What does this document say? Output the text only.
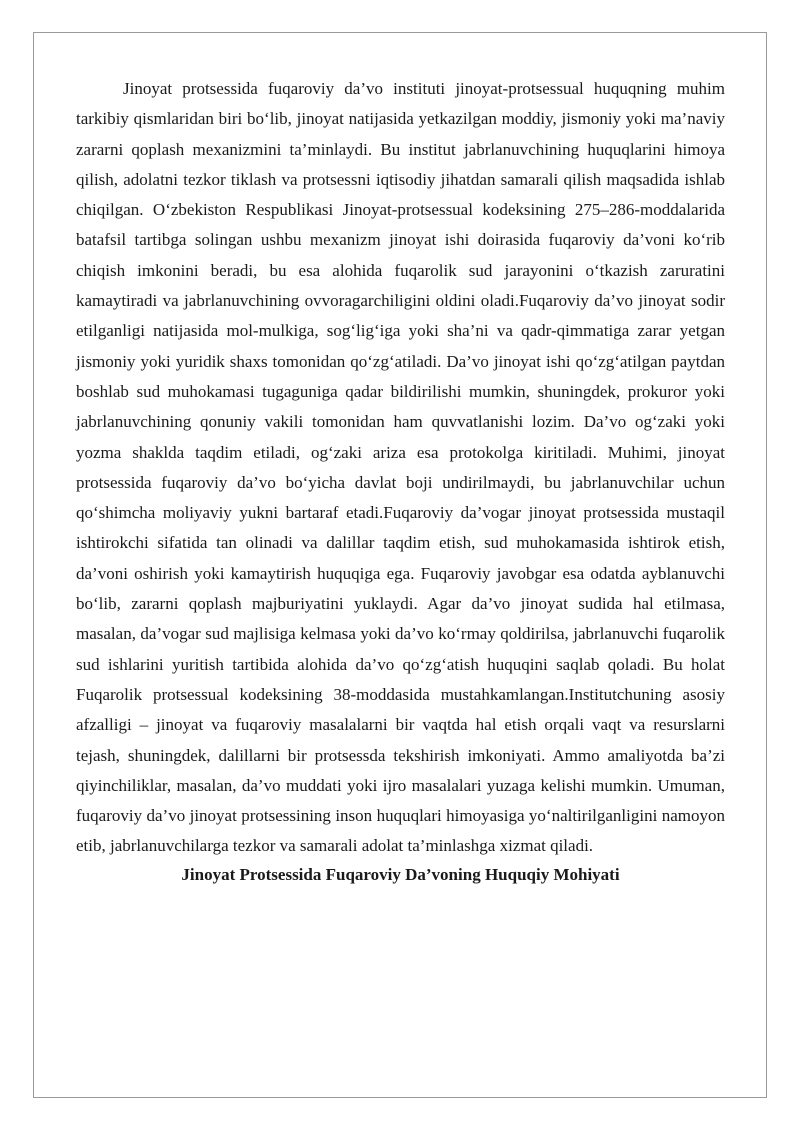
Jinoyat protsessida fuqaroviy da’vo instituti jinoyat-protsessual huquqning muhim tarkibiy qismlaridan biri bo‘lib, jinoyat natijasida yetkazilgan moddiy, jismoniy yoki ma’naviy zararni qoplash mexanizmini ta’minlaydi. Bu institut jabrlanuvchining huquqlarini himoya qilish, adolatni tezkor tiklash va protsessni iqtisodiy jihatdan samarali qilish maqsadida ishlab chiqilgan. O‘zbekiston Respublikasi Jinoyat-protsessual kodeksining 275–286-moddalarida batafsil tartibga solingan ushbu mexanizm jinoyat ishi doirasida fuqaroviy da’voni ko‘rib chiqish imkonini beradi, bu esa alohida fuqarolik sud jarayonini o‘tkazish zaruratini kamaytiradi va jabrlanuvchining ovvoragarchiligini oldini oladi.Fuqaroviy da’vo jinoyat sodir etilganligi natijasida mol-mulkiga, sog‘lig‘iga yoki sha’ni va qadr-qimmatiga zarar yetgan jismoniy yoki yuridik shaxs tomonidan qo‘zg‘atiladi. Da’vo jinoyat ishi qo‘zg‘atilgan paytdan boshlab sud muhokamasi tugaguniga qadar bildirilishi mumkin, shuningdek, prokuror yoki jabrlanuvchining qonuniy vakili tomonidan ham quvvatlanishi lozim. Da’vo og‘zaki yoki yozma shaklda taqdim etiladi, og‘zaki ariza esa protokolga kiritiladi. Muhimi, jinoyat protsessida fuqaroviy da’vo bo‘yicha davlat boji undirilmaydi, bu jabrlanuvchilar uchun qo‘shimcha moliyaviy yukni bartaraf etadi.Fuqaroviy da’vogar jinoyat protsessida mustaqil ishtirokchi sifatida tan olinadi va dalillar taqdim etish, sud muhokamasida ishtirok etish, da’voni oshirish yoki kamaytirish huquqiga ega. Fuqaroviy javobgar esa odatda ayblanuvchi bo‘lib, zararni qoplash majburiyatini yuklaydi. Agar da’vo jinoyat sudida hal etilmasa, masalan, da’vogar sud majlisiga kelmasa yoki da’vo ko‘rmay qoldirilsa, jabrlanuvchi fuqarolik sud ishlarini yuritish tartibida alohida da’vo qo‘zg‘atish huquqini saqlab qoladi. Bu holat Fuqarolik protsessual kodeksining 38-moddasida mustahkamlangan.Institutchuning asosiy afzalligi – jinoyat va fuqaroviy masalalarni bir vaqtda hal etish orqali vaqt va resurslarni tejash, shuningdek, dalillarni bir protsessda tekshirish imkoniyati. Ammo amaliyotda ba’zi qiyinchiliklar, masalan, da’vo muddati yoki ijro masalalari yuzaga kelishi mumkin. Umuman, fuqaroviy da’vo jinoyat protsessining inson huquqlari himoyasiga yo‘naltirilganligini namoyon etib, jabrlanuvchilarga tezkor va samarali adolat ta’minlashga xizmat qiladi.

Jinoyat Protsessida Fuqaroviy Da’voning Huquqiy Mohiyati
